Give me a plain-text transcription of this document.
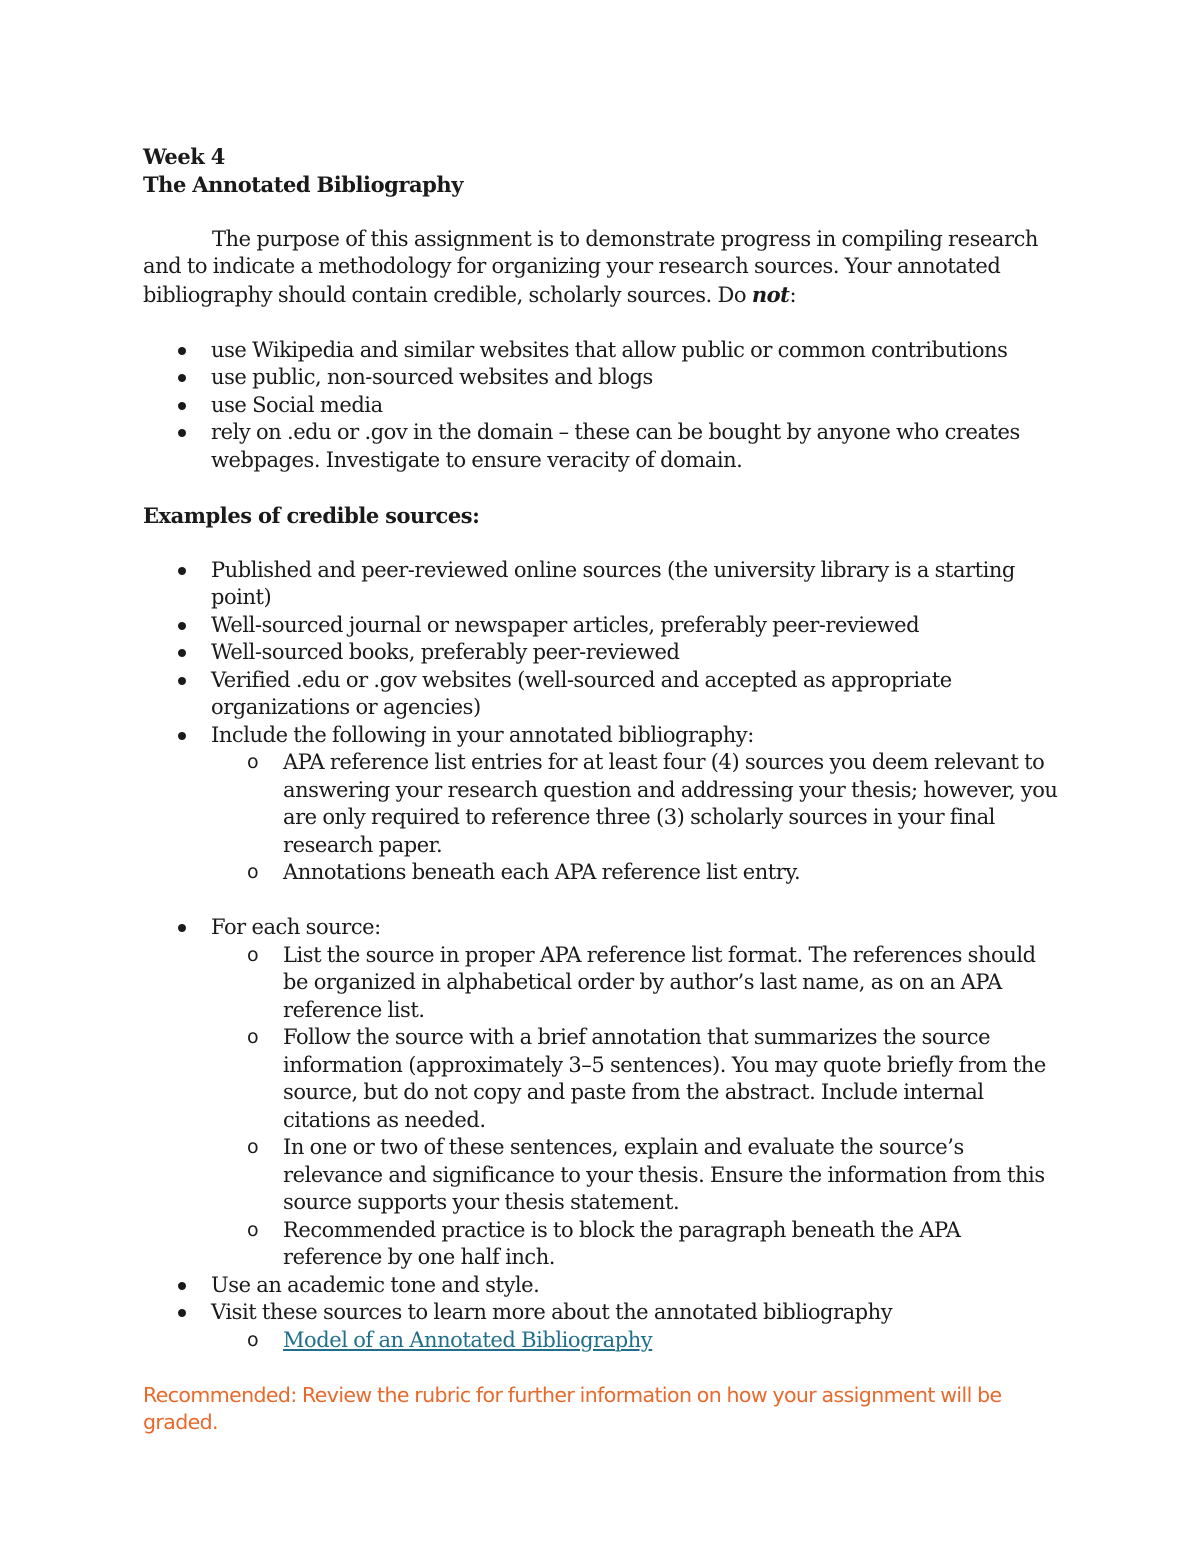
Week 4
The Annotated Bibliography

The purpose of this assignment is to demonstrate progress in compiling research and to indicate a methodology for organizing your research sources. Your annotated bibliography should contain credible, scholarly sources. Do not:

use Wikipedia and similar websites that allow public or common contributions
use public, non-sourced websites and blogs
use Social media
rely on .edu or .gov in the domain – these can be bought by anyone who creates webpages. Investigate to ensure veracity of domain.
Examples of credible sources:
Published and peer-reviewed online sources (the university library is a starting point)
Well-sourced journal or newspaper articles, preferably peer-reviewed
Well-sourced books, preferably peer-reviewed
Verified .edu or .gov websites (well-sourced and accepted as appropriate organizations or agencies)
Include the following in your annotated bibliography:
o APA reference list entries for at least four (4) sources you deem relevant to answering your research question and addressing your thesis; however, you are only required to reference three (3) scholarly sources in your final research paper.
o Annotations beneath each APA reference list entry.
For each source:
o List the source in proper APA reference list format. The references should be organized in alphabetical order by author’s last name, as on an APA reference list.
o Follow the source with a brief annotation that summarizes the source information (approximately 3–5 sentences). You may quote briefly from the source, but do not copy and paste from the abstract. Include internal citations as needed.
o In one or two of these sentences, explain and evaluate the source’s relevance and significance to your thesis. Ensure the information from this source supports your thesis statement.
o Recommended practice is to block the paragraph beneath the APA reference by one half inch.
Use an academic tone and style.
Visit these sources to learn more about the annotated bibliography
o Model of an Annotated Bibliography
Recommended: Review the rubric for further information on how your assignment will be graded.
